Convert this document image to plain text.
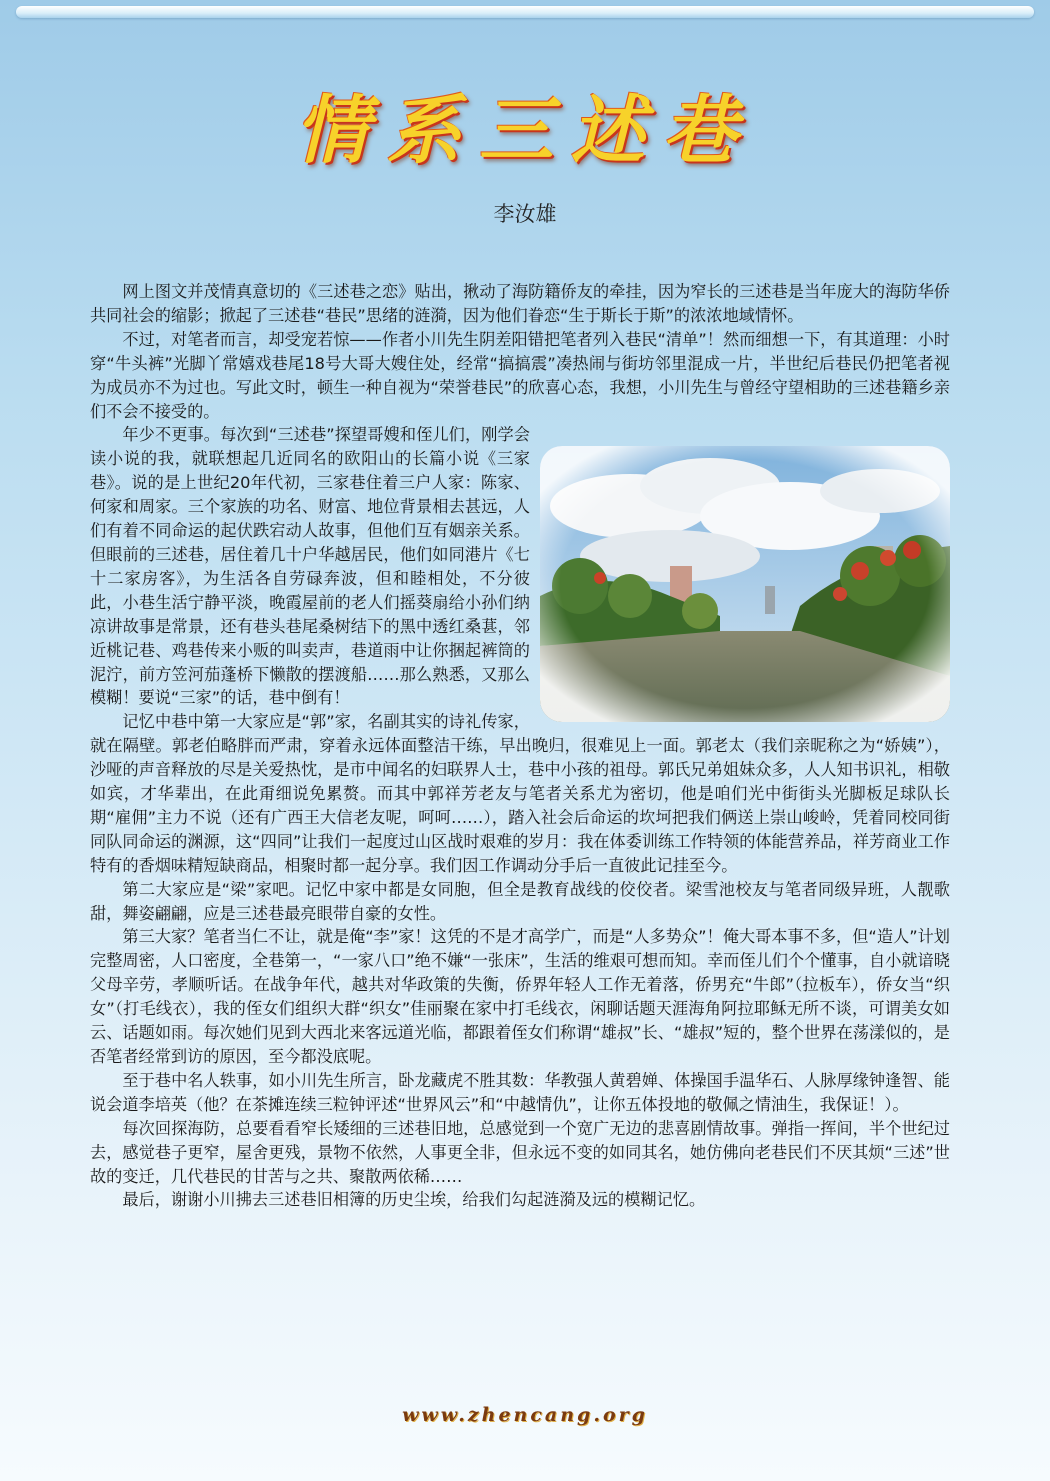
情系三述巷
李汝雄

网上图文并茂情真意切的《三述巷之恋》贴出，揪动了海防籍侨友的牵挂，因为窄长的三述巷是当年庞大的海防华侨共同社会的缩影；掀起了三述巷“巷民”思绪的涟漪，因为他们眷恋“生于斯长于斯”的浓浓地域情怀。

不过，对笔者而言，却受宠若惊——作者小川先生阴差阳错把笔者列入巷民“清单”！然而细想一下，有其道理：小时穿“牛头裤”光脚丫常嬉戏巷尾18号大哥大嫂住处，经常“搞搞震”凑热闹与街坊邻里混成一片，半世纪后巷民仍把笔者视为成员亦不为过也。写此文时，顿生一种自视为“荣誉巷民”的欣喜心态，我想，小川先生与曾经守望相助的三述巷籍乡亲们不会不接受的。

年少不更事。每次到“三述巷”探望哥嫂和侄儿们，刚学会读小说的我，就联想起几近同名的欧阳山的长篇小说《三家巷》。说的是上世纪20年代初，三家巷住着三户人家：陈家、何家和周家。三个家族的功名、财富、地位背景相去甚远，人们有着不同命运的起伏跌宕动人故事，但他们互有姻亲关系。 但眼前的三述巷，居住着几十户华越居民，他们如同港片《七十二家房客》，为生活各自劳碌奔波，但和睦相处，不分彼此，小巷生活宁静平淡，晚霞屋前的老人们摇葵扇给小孙们纳凉讲故事是常景，还有巷头巷尾桑树结下的黑中透红桑葚，邻近桃记巷、鸡巷传来小贩的叫卖声，巷道雨中让你捆起裤筒的泥泞，前方笠河茄蓬桥下懒散的摆渡船……那么熟悉，又那么模糊！要说“三家”的话，巷中倒有！

记忆中巷中第一大家应是“郭”家，名副其实的诗礼传家，就在隔壁。郭老伯略胖而严肃，穿着永远体面整洁干练，早出晚归，很难见上一面。郭老太（我们亲昵称之为“娇姨”），沙哑的声音释放的尽是关爱热忱，是市中闻名的妇联界人士，巷中小孩的祖母。郭氏兄弟姐妹众多，人人知书识礼，相敬如宾，才华辈出，在此甭细说免累赘。而其中郭祥芳老友与笔者关系尤为密切，他是咱们光中街街头光脚板足球队长期“雇佣”主力不说（还有广西王大信老友呢，呵呵……），踏入社会后命运的坎坷把我们俩送上崇山峻岭，凭着同校同街同队同命运的渊源，这“四同”让我们一起度过山区战时艰难的岁月：我在体委训练工作特领的体能营养品，祥芳商业工作特有的香烟味精短缺商品，相聚时都一起分享。我们因工作调动分手后一直彼此记挂至今。

第二大家应是“梁”家吧。记忆中家中都是女同胞，但全是教育战线的佼佼者。梁雪池校友与笔者同级异班，人靓歌甜，舞姿翩翩，应是三述巷最亮眼带自豪的女性。

第三大家？笔者当仁不让，就是俺“李”家！这凭的不是才高学广，而是“人多势众”！俺大哥本事不多，但“造人”计划完整周密，人口密度，全巷第一，“一家八口”绝不嫌“一张床”，生活的维艰可想而知。幸而侄儿们个个懂事，自小就谙晓父母辛劳，孝顺听话。在战争年代，越共对华政策的失衡，侨界年轻人工作无着落，侨男充“牛郎”（拉板车），侨女当“织女”（打毛线衣），我的侄女们组织大群“织女”佳丽聚在家中打毛线衣，闲聊话题天涯海角阿拉耶稣无所不谈，可谓美女如云、话题如雨。每次她们见到大西北来客远道光临，都跟着侄女们称谓“雄叔”长、“雄叔”短的，整个世界在荡漾似的，是否笔者经常到访的原因，至今都没底呢。

至于巷中名人轶事，如小川先生所言，卧龙藏虎不胜其数：华教强人黄碧婵、体操国手温华石、人脉厚缘钟逢智、能说会道李培英（他？在茶摊连续三粒钟评述“世界风云”和“中越情仇”，让你五体投地的敬佩之情油生，我保证！）。

每次回探海防，总要看看窄长矮细的三述巷旧地，总感觉到一个宽广无边的悲喜剧情故事。弹指一挥间，半个世纪过去，感觉巷子更窄，屋舍更残，景物不依然，人事更全非，但永远不变的如同其名，她仿佛向老巷民们不厌其烦“三述”世故的变迁，几代巷民的甘苦与之共、聚散两依稀……

最后，谢谢小川拂去三述巷旧相簿的历史尘埃，给我们勾起涟漪及远的模糊记忆。

www.zhencang.org
